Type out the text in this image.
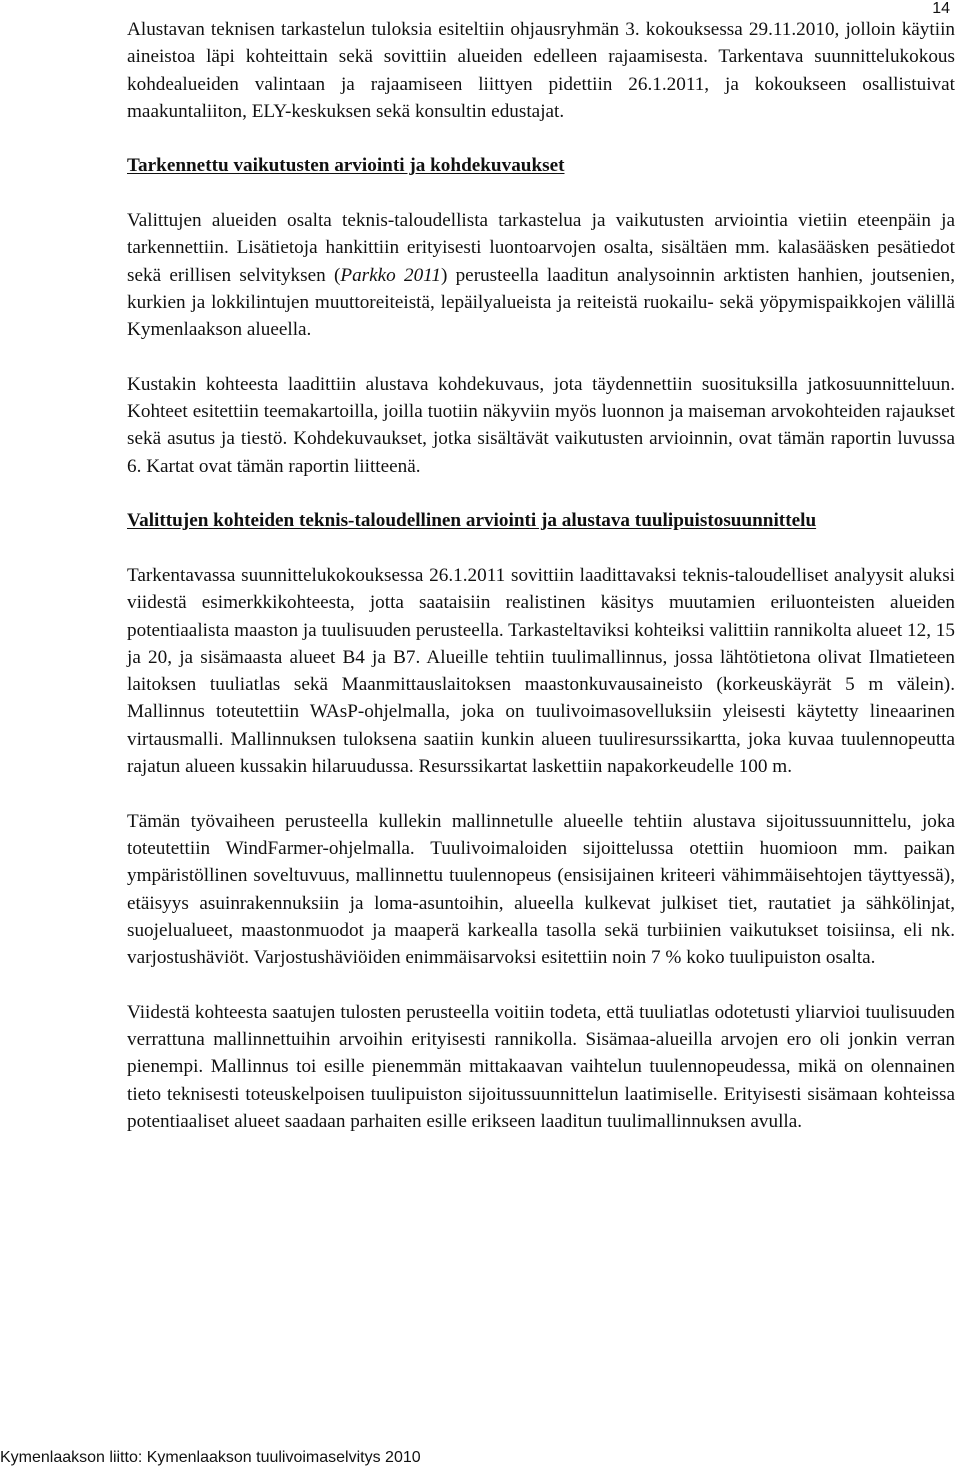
14

Alustavan teknisen tarkastelun tuloksia esiteltiin ohjausryhmän 3. kokouksessa 29.11.2010, jolloin käytiin aineistoa läpi kohteittain sekä sovittiin alueiden edelleen rajaamisesta. Tarkentava suunnittelukokous kohdealueiden valintaan ja rajaamiseen liittyen pidettiin 26.1.2011, ja kokoukseen osallistuivat maakuntaliiton, ELY-keskuksen sekä konsultin edustajat.

Tarkennettu vaikutusten arviointi ja kohdekuvaukset

Valittujen alueiden osalta teknis-taloudellista tarkastelua ja vaikutusten arviointia vietiin eteenpäin ja tarkennettiin. Lisätietoja hankittiin erityisesti luontoarvojen osalta, sisältäen mm. kalasääsken pesätiedot sekä erillisen selvityksen (Parkko 2011) perusteella laaditun analysoinnin arktisten hanhien, joutsenien, kurkien ja lokkilintujen muuttoreiteistä, lepäilyalueista ja reiteistä ruokailu- sekä yöpymispaikkojen välillä Kymenlaakson alueella.

Kustakin kohteesta laadittiin alustava kohdekuvaus, jota täydennettiin suosituksilla jatkosuunnitteluun. Kohteet esitettiin teemakartoilla, joilla tuotiin näkyviin myös luonnon ja maiseman arvokohteiden rajaukset sekä asutus ja tiestö. Kohdekuvaukset, jotka sisältävät vaikutusten arvioinnin, ovat tämän raportin luvussa 6. Kartat ovat tämän raportin liitteenä.

Valittujen kohteiden teknis-taloudellinen arviointi ja alustava tuulipuistosuunnittelu

Tarkentavassa suunnittelukokouksessa 26.1.2011 sovittiin laadittavaksi teknis-taloudelliset analyysit aluksi viidestä esimerkkikohteesta, jotta saataisiin realistinen käsitys muutamien eriluonteisten alueiden potentiaalista maaston ja tuulisuuden perusteella. Tarkasteltaviksi kohteiksi valittiin rannikolta alueet 12, 15 ja 20, ja sisämaasta alueet B4 ja B7. Alueille tehtiin tuulimallinnus, jossa lähtötietona olivat Ilmatieteen laitoksen tuuliatlas sekä Maanmittauslaitoksen maastonkuvausaineisto (korkeuskäyrät 5 m välein). Mallinnus toteutettiin WAsP-ohjelmalla, joka on tuulivoimasovelluksiin yleisesti käytetty lineaarinen virtausmalli. Mallinnuksen tuloksena saatiin kunkin alueen tuuliresurssikartta, joka kuvaa tuulennopeutta rajatun alueen kussakin hilaruudussa. Resurssikartat laskettiin napakorkeudelle 100 m.

Tämän työvaiheen perusteella kullekin mallinnetulle alueelle tehtiin alustava sijoitussuunnittelu, joka toteutettiin WindFarmer-ohjelmalla. Tuulivoimaloiden sijoittelussa otettiin huomioon mm. paikan ympäristöllinen soveltuvuus, mallinnettu tuulennopeus (ensisijainen kriteeri vähimmäisehtojen täyttyessä), etäisyys asuinrakennuksiin ja loma-asuntoihin, alueella kulkevat julkiset tiet, rautatiet ja sähkölinjat, suojelualueet, maastonmuodot ja maaperä karkealla tasolla sekä turbiinien vaikutukset toisiinsa, eli nk. varjostushäviöt. Varjostushäviöiden enimmäisarvoksi esitettiin noin 7 % koko tuulipuiston osalta.

Viidestä kohteesta saatujen tulosten perusteella voitiin todeta, että tuuliatlas odotetusti yliarvioi tuulisuuden verrattuna mallinnettuihin arvoihin erityisesti rannikolla. Sisämaa-alueilla arvojen ero oli jonkin verran pienempi. Mallinnus toi esille pienemmän mittakaavan vaihtelun tuulennopeudessa, mikä on olennainen tieto teknisesti toteuskelpoisen tuulipuiston sijoitussuunnittelun laatimiselle. Erityisesti sisämaan kohteissa potentiaaliset alueet saadaan parhaiten esille erikseen laaditun tuulimallinnuksen avulla.

Kymenlaakson liitto: Kymenlaakson tuulivoimaselvitys 2010
